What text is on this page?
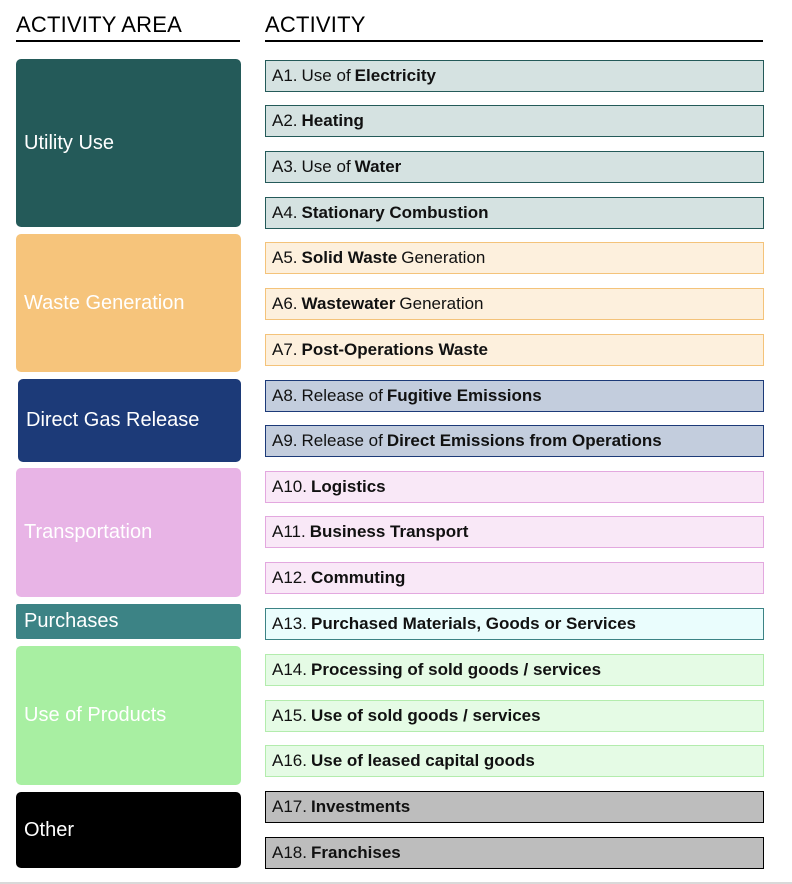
ACTIVITY AREA	ACTIVITY
Utility Use
Waste Generation
Direct Gas Release
Transportation
Purchases
Use of Products
Other
A1. Use of Electricity
A2. Heating
A3. Use of Water
A4. Stationary Combustion
A5. Solid Waste Generation
A6. Wastewater Generation
A7. Post-Operations Waste
A8. Release of Fugitive Emissions
A9. Release of Direct Emissions from Operations
A10. Logistics
A11. Business Transport
A12. Commuting
A13. Purchased Materials, Goods or Services
A14. Processing of sold goods / services
A15. Use of sold goods / services
A16. Use of leased capital goods
A17. Investments
A18. Franchises
